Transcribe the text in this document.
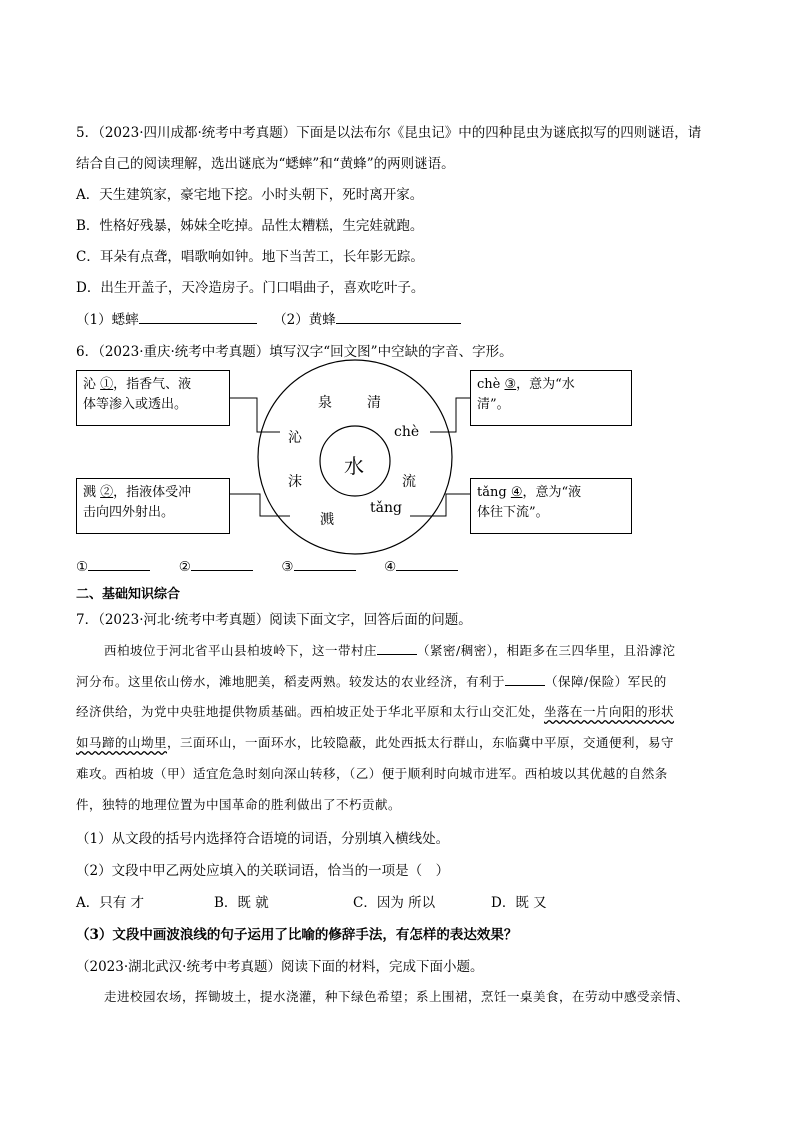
5．（2023·四川成都·统考中考真题）下面是以法布尔《昆虫记》中的四种昆虫为谜底拟写的四则谜语，请
结合自己的阅读理解，选出谜底为“蟋蟀”和“黄蜂”的两则谜语。
A．天生建筑家，豪宅地下挖。小时头朝下，死时离开家。
B．性格好残暴，姊妹全吃掉。品性太糟糕，生完娃就跑。
C．耳朵有点聋，唱歌响如钟。地下当苦工，长年影无踪。
D．出生开盖子，天冷造房子。门口唱曲子，喜欢吃叶子。
（1）蟋蟀	（2）黄蜂
6．（2023·重庆·统考中考真题）填写汉字“回文图”中空缺的字音、字形。
沁 ①，指香气、液
体等渗入或透出。
溅 ②，指液体受冲
击向四外射出。
chè ③，意为“水
清”。
tǎng ④，意为“液
体往下流”。
水
泉	清
chè
流
tǎng
溅
沫
沁
①	②	③	④
二、基础知识综合
7．（2023·河北·统考中考真题）阅读下面文字，回答后面的问题。
西柏坡位于河北省平山县柏坡岭下，这一带村庄	（紧密/稠密），相距多在三四华里，且沿滹沱
河分布。这里依山傍水，滩地肥美，稻麦两熟。较发达的农业经济，有利于	（保障/保险）军民的
经济供给，为党中央驻地提供物质基础。西柏坡正处于华北平原和太行山交汇处，坐落在一片向阳的形状
如马蹄的山坳里，三面环山，一面环水，比较隐蔽，此处西抵太行群山，东临冀中平原，交通便利，易守
难攻。西柏坡（甲）适宜危急时刻向深山转移，（乙）便于顺利时向城市进军。西柏坡以其优越的自然条
件，独特的地理位置为中国革命的胜利做出了不朽贡献。
（1）从文段的括号内选择符合语境的词语，分别填入横线处。
（2）文段中甲乙两处应填入的关联词语，恰当的一项是（　）
A．只有 才	B．既 就	C．因为 所以	D．既 又
（3）文段中画波浪线的句子运用了比喻的修辞手法，有怎样的表达效果？
（2023·湖北武汉·统考中考真题）阅读下面的材料，完成下面小题。
走进校园农场，挥锄坡土，提水浇灌，种下绿色希望；系上围裙，烹饪一桌美食，在劳动中感受亲情、
